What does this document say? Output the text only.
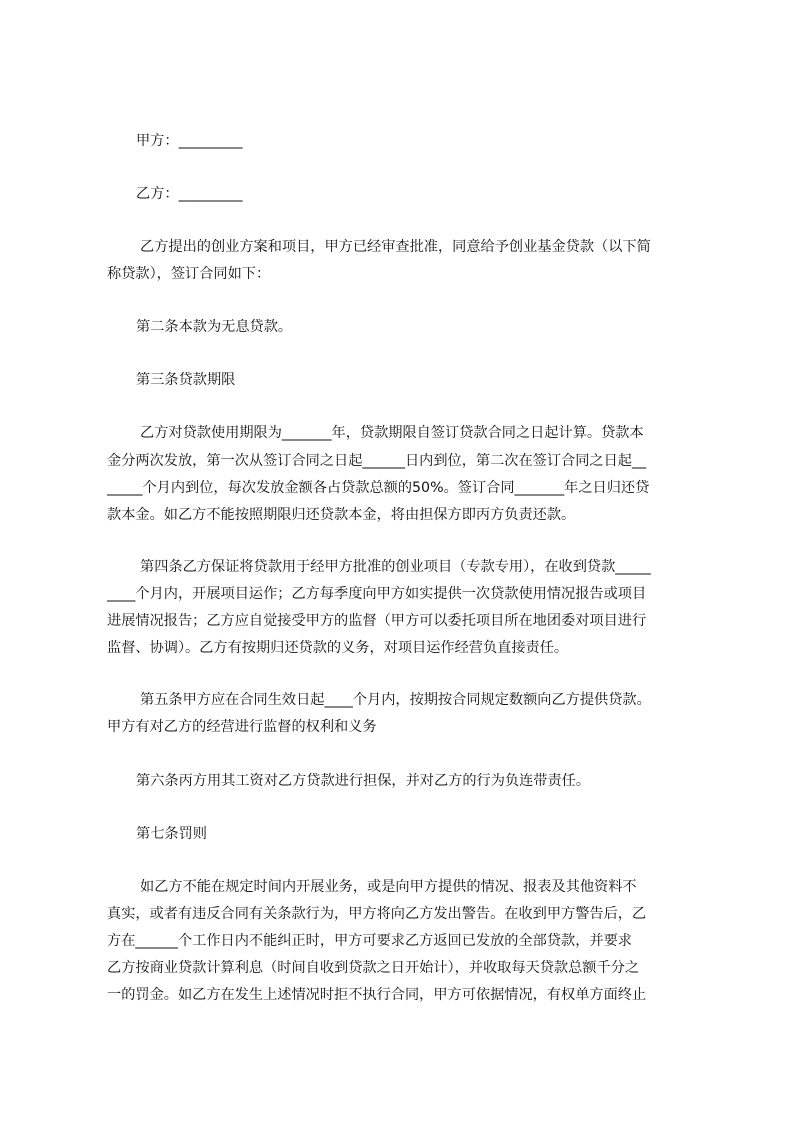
甲方：_________
乙方：_________
乙方提出的创业方案和项目，甲方已经审查批准，同意给予创业基金贷款（以下简
称贷款），签订合同如下：
第二条本款为无息贷款。
第三条贷款期限
乙方对贷款使用期限为_______年，贷款期限自签订贷款合同之日起计算。贷款本
金分两次发放，第一次从签订合同之日起______日内到位，第二次在签订合同之日起__
_____个月内到位，每次发放金额各占贷款总额的50%。签订合同_______年之日归还贷
款本金。如乙方不能按照期限归还贷款本金，将由担保方即丙方负责还款。
第四条乙方保证将贷款用于经甲方批准的创业项目（专款专用），在收到贷款_____
____个月内，开展项目运作；乙方每季度向甲方如实提供一次贷款使用情况报告或项目
进展情况报告；乙方应自觉接受甲方的监督（甲方可以委托项目所在地团委对项目进行
监督、协调）。乙方有按期归还贷款的义务，对项目运作经营负直接责任。
第五条甲方应在合同生效日起____个月内，按期按合同规定数额向乙方提供贷款。
甲方有对乙方的经营进行监督的权利和义务
第六条丙方用其工资对乙方贷款进行担保，并对乙方的行为负连带责任。
第七条罚则
如乙方不能在规定时间内开展业务，或是向甲方提供的情况、报表及其他资料不
真实，或者有违反合同有关条款行为，甲方将向乙方发出警告。在收到甲方警告后，乙
方在______个工作日内不能纠正时，甲方可要求乙方返回已发放的全部贷款，并要求
乙方按商业贷款计算利息（时间自收到贷款之日开始计），并收取每天贷款总额千分之
一的罚金。如乙方在发生上述情况时拒不执行合同，甲方可依据情况，有权单方面终止
